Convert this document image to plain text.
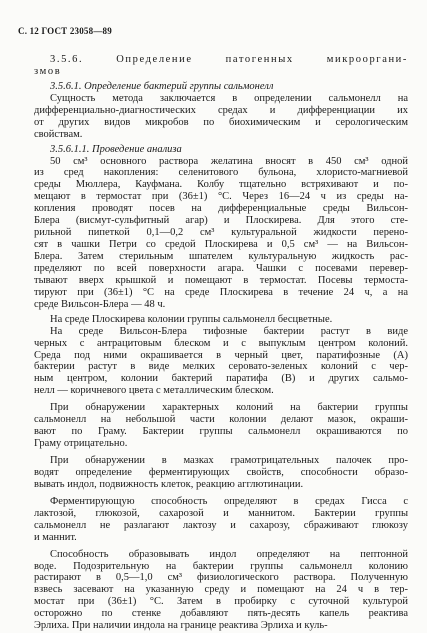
С. 12 ГОСТ 23058—89
3.5.6. Определение патогенных микрооргани-
змов
3.5.6.1. Определение бактерий группы сальмонелл
Сущность метода заключается в определении сальмонелл на
дифференциально-диагностических средах и дифференциации их
от других видов микробов по биохимическим и серологическим
свойствам.
3.5.6.1.1. Проведение анализа
50 см³ основного раствора желатина вносят в 450 см³ одной
из сред накопления: селенитового бульона, хлористо-магниевой
среды Мюллера, Кауфмана. Колбу тщательно встряхивают и по-
мещают в термостат при (36±1) °С. Через 16—24 ч из среды на-
копления проводят посев на дифференциальные среды Вильсон-
Блера (висмут-сульфитный агар) и Плоскирева. Для этого сте-
рильной пипеткой 0,1—0,2 см³ культуральной жидкости перено-
сят в чашки Петри со средой Плоскирева и 0,5 см³ — на Вильсон-
Блера. Затем стерильным шпателем культуральную жидкость рас-
пределяют по всей поверхности агара. Чашки с посевами перевер-
тывают вверх крышкой и помещают в термостат. Посевы термоста-
тируют при (36±1) °С на среде Плоскирева в течение 24 ч, а на
среде Вильсон-Блера — 48 ч.
На среде Плоскирева колонии группы сальмонелл бесцветные.
На среде Вильсон-Блера тифозные бактерии растут в виде
черных с антрацитовым блеском и с выпуклым центром колоний.
Среда под ними окрашивается в черный цвет, паратифозные (А)
бактерии растут в виде мелких серовато-зеленых колоний с чер-
ным центром, колонии бактерий паратифа (В) и других сальмо-
нелл — коричневого цвета с металлическим блеском.
При обнаружении характерных колоний на бактерии группы
сальмонелл на небольшой части колонии делают мазок, окраши-
вают по Граму. Бактерии группы сальмонелл окрашиваются по
Граму отрицательно.
При обнаружении в мазках грамотрицательных палочек про-
водят определение ферментирующих свойств, способности образо-
вывать индол, подвижность клеток, реакцию агглютинации.
Ферментирующую способность определяют в средах Гисса с
лактозой, глюкозой, сахарозой и маннитом. Бактерии группы
сальмонелл не разлагают лактозу и сахарозу, сбраживают глюкозу
и маннит.
Способность образовывать индол определяют на пептонной
воде. Подозрительную на бактерии группы сальмонелл колонию
растирают в 0,5—1,0 см³ физиологического раствора. Полученную
взвесь засевают на указанную среду и помещают на 24 ч в тер-
мостат при (36±1) °С. Затем в пробирку с суточной культурой
осторожно по стенке добавляют пять-десять капель реактива
Эрлиха. При наличии индола на границе реактива Эрлиха и куль-
